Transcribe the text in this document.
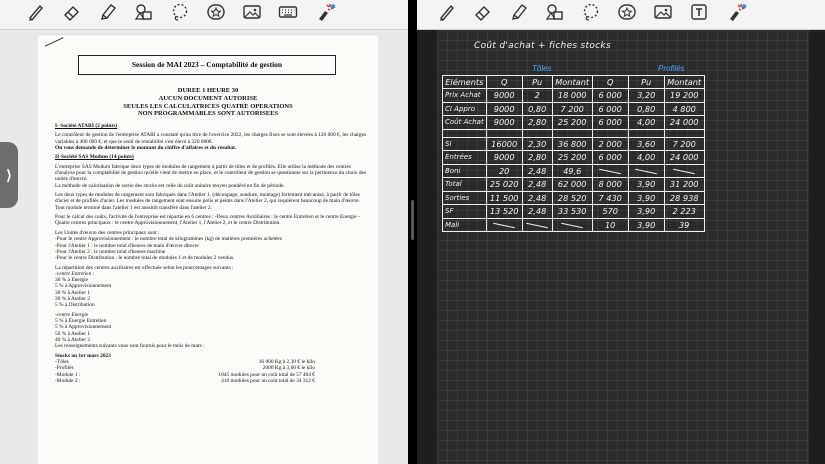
✱
⟩
Session de MAI 2023 – Comptabilité de gestion
DUREE 1 HEURE 30
AUCUN DOCUMENT AUTORISE
SEULES LES CALCULATRICES QUATRE OPERATIONS
NON PROGRAMMABLES SONT AUTORISEES
I- Société ATARI (2 points)

Le contrôleur de gestion de l'entreprise ATARI a constaté qu'au titre de l'exercice 2022, les charges fixes se sont élevées à 120 000 €, les charges variables à 400 000 €, et que le seuil de rentabilité s'est élevé à 320 000€.

On vous demande de déterminer le montant du chiffre d'affaires et du résultat.

II-Société SAS Modum (14 points)

L'entreprise SAS Modum fabrique deux types de modules de rangement à partir de tôles et de profilés. Elle utilise la méthode des centres d'analyse pour la comptabilité de gestion qu'elle vient de mettre en place, et le contrôleur de gestion se questionne sur la pertinence du choix des unités d'œuvre.

La méthode de valorisation de sortie des stocks est celle du coût unitaire moyen pondéré en fin de période.

Les deux types de modules de rangement sont fabriqués dans l'Atelier 1, (découpage, soudure, montage) fortement mécanisé, à partir de tôles d'acier et de profilés d'acier. Les modules de rangement sont ensuite polis et peints dans l'Atelier 2, qui requièrent beaucoup de main d'œuvre. Tout module terminé dans l'atelier 1 est aussitôt transféré dans l'atelier 2.

Pour le calcul des coûts, l'activité de l'entreprise est répartie en 6 centres ; -Deux centres Auxiliaires : le centre Entretien et le centre Energie -Quatre centres principaux : le centre Approvisionnement, l'Atelier 1, l'Atelier 2, et le centre Distribution.

Les Unités d'œuvre des centres principaux sont :
-Pour le centre Approvisionnement : le nombre total de kilogrammes (kg) de matières premières achetées
-Pour l'Atelier 1 : le nombre total d'heures de main d'œuvre directe
-Pour l'Atelier 2 : le nombre total d'heures machine

-Pour le centre Distribution : le nombre total de modules 1 et de modules 2 vendus.

La répartition des centres auxiliaires est effectuée selon les pourcentages suivants :
-centre Entretien :
30 % à Energie
5 % à Approvisionnement
30 % à Atelier 1
30 % à Atelier 2

5 % à Distribution

-centre Energie
5 % à Énergie Entretien
5 % à Approvisionnement
50 % à Atelier 1
40 % à Atelier 2

Les renseignements suivants vous sont fournis pour le mois de mars :

Stocks au 1er mars 2023
-Tôles	16 000 Kg à 2,30 € le kilo
-Profilés	2000 Kg à 3,60 € le kilo
-Module 1 :	1045 modules pour un coût total de 57 464 €
-Module 2 :	410 modules pour un coût total de 34 312 €
✱
Coût d'achat + fiches stocks
Tôles	Profilés
Eléments	Q	Pu	Montant	Q	Pu	Montant
Prix Achat	9000	2	18 000	6 000	3,20	19 200
CI Appro	9000	0,80	7 200	6 000	0,80	4 800
Coût Achat	9000	2,80	25 200	6 000	4,00	24 000

SI	16000	2,30	36 800	2 000	3,60	7 200
Entrées	9000	2,80	25 200	6 000	4,00	24 000
Boni	20	2,48	49,6			
Total	25 020	2,48	62 000	8 000	3,90	31 200
Sorties	11 500	2,48	28 520	7 430	3,90	28 938
SF	13 520	2,48	33 530	570	3,90	2 223
Mali				10	3,90	39
